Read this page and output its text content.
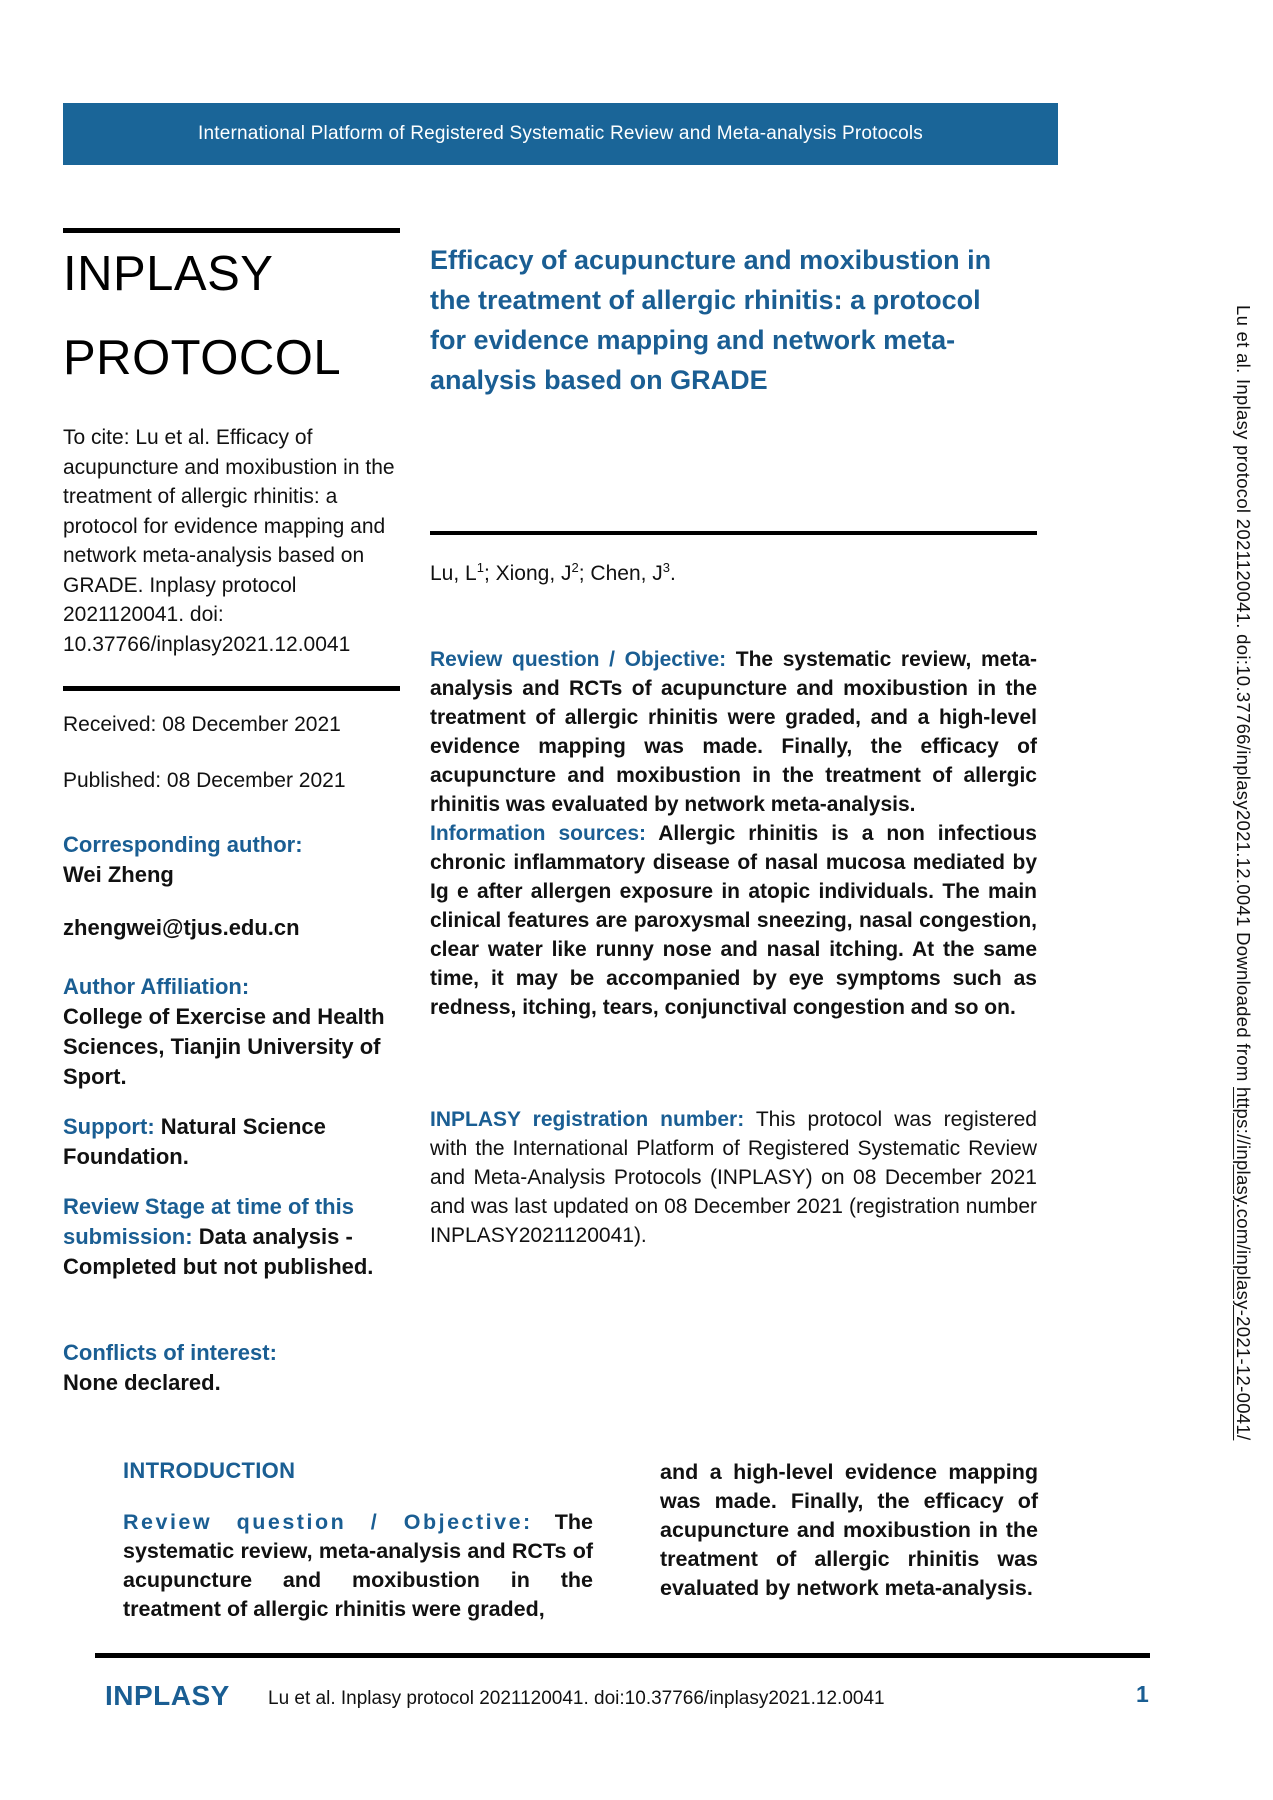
International Platform of Registered Systematic Review and Meta-analysis Protocols
INPLASY
PROTOCOL

To cite: Lu et al. Efficacy of acupuncture and moxibustion in the treatment of allergic rhinitis: a protocol for evidence mapping and network meta-analysis based on GRADE. Inplasy protocol 2021120041. doi: 10.37766/inplasy2021.12.0041

Received: 08 December 2021

Published: 08 December 2021

Corresponding author:
Wei Zheng
zhengwei@tjus.edu.cn
Author Affiliation:
College of Exercise and Health Sciences, Tianjin University of Sport.
Support: Natural Science Foundation.
Review Stage at time of this submission: Data analysis - Completed but not published.
Conflicts of interest:
None declared.
Efficacy of acupuncture and moxibustion in the treatment of allergic rhinitis: a protocol for evidence mapping and network meta-analysis based on GRADE

Lu, $L^1$; Xiong, $J^2$; Chen, $J^3$.

Review question / Objective: The systematic review, meta-analysis and RCTs of acupuncture and moxibustion in the treatment of allergic rhinitis were graded, and a high-level evidence mapping was made. Finally, the efficacy of acupuncture and moxibustion in the treatment of allergic rhinitis was evaluated by network meta-analysis.

Information sources: Allergic rhinitis is a non infectious chronic inflammatory disease of nasal mucosa mediated by Ig e after allergen exposure in atopic individuals. The main clinical features are paroxysmal sneezing, nasal congestion, clear water like runny nose and nasal itching. At the same time, it may be accompanied by eye symptoms such as redness, itching, tears, conjunctival congestion and so on.

INPLASY registration number: This protocol was registered with the International Platform of Registered Systematic Review and Meta-Analysis Protocols (INPLASY) on 08 December 2021 and was last updated on 08 December 2021 (registration number INPLASY2021120041).

INTRODUCTION

Review question / Objective: The systematic review, meta-analysis and RCTs of acupuncture and moxibustion in the treatment of allergic rhinitis were graded,

and a high-level evidence mapping was made. Finally, the efficacy of acupuncture and moxibustion in the treatment of allergic rhinitis was evaluated by network meta-analysis.

INPLASY Lu et al. Inplasy protocol 2021120041. doi:10.37766/inplasy2021.12.0041	1
Lu et al. Inplasy protocol 2021120041. doi:10.37766/inplasy2021.12.0041 Downloaded from https://inplasy.com/inplasy-2021-12-0041/
